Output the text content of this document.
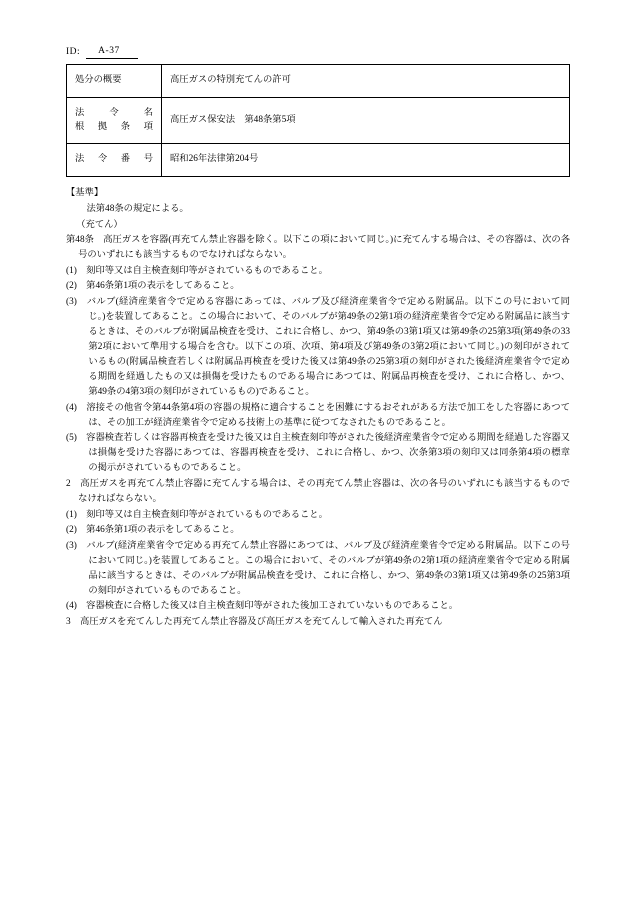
ID:	A-37
処分の概要	高圧ガスの特別充てんの許可
法　令　名 根　拠　条　項	高圧ガス保安法　第48条第5項
法　令　番　号	昭和26年法律第204号

【基準】

法第48条の規定による。

（充てん）

第48条　高圧ガスを容器(再充てん禁止容器を除く。以下この項において同じ。)に充てんする場合は、その容器は、次の各号のいずれにも該当するものでなければならない。

(1)　 刻印等又は自主検査刻印等がされているものであること。

(2)　 第46条第1項の表示をしてあること。

(3)　 バルブ(経済産業省令で定める容器にあっては、バルブ及び経済産業省令で定める附属品。以下この号において同じ。)を装置してあること。この場合において、そのバルブが第49条の2第1項の経済産業省令で定める附属品に該当するときは、そのバルブが附属品検査を受け、これに合格し、かつ、第49条の3第1項又は第49条の25第3項(第49条の33第2項において準用する場合を含む。以下この項、次項、第4項及び第49条の3第2項において同じ。)の刻印がされているもの(附属品検査若しくは附属品再検査を受けた後又は第49条の25第3項の刻印がされた後経済産業省令で定める期間を経過したもの又は損傷を受けたものである場合にあつては、附属品再検査を受け、これに合格し、かつ、第49条の4第3項の刻印がされているもの)であること。

(4)　 溶接その他省令第44条第4項の容器の規格に適合することを困難にするおそれがある方法で加工をした容器にあつては、その加工が経済産業省令で定める技術上の基準に従つてなされたものであること。

(5)　 容器検査若しくは容器再検査を受けた後又は自主検査刻印等がされた後経済産業省令で定める期間を経過した容器又は損傷を受けた容器にあつては、容器再検査を受け、これに合格し、かつ、次条第3項の刻印又は同条第4項の標章の掲示がされているものであること。

2　高圧ガスを再充てん禁止容器に充てんする場合は、その再充てん禁止容器は、次の各号のいずれにも該当するものでなければならない。

(1)　 刻印等又は自主検査刻印等がされているものであること。

(2)　 第46条第1項の表示をしてあること。

(3)　 バルブ(経済産業省令で定める再充てん禁止容器にあつては、バルブ及び経済産業省令で定める附属品。以下この号において同じ。)を装置してあること。この場合において、そのバルブが第49条の2第1項の経済産業省令で定める附属品に該当するときは、そのバルブが附属品検査を受け、これに合格し、かつ、第49条の3第1項又は第49条の25第3項の刻印がされているものであること。

(4)　 容器検査に合格した後又は自主検査刻印等がされた後加工されていないものであること。

3　高圧ガスを充てんした再充てん禁止容器及び高圧ガスを充てんして輸入された再充てん
